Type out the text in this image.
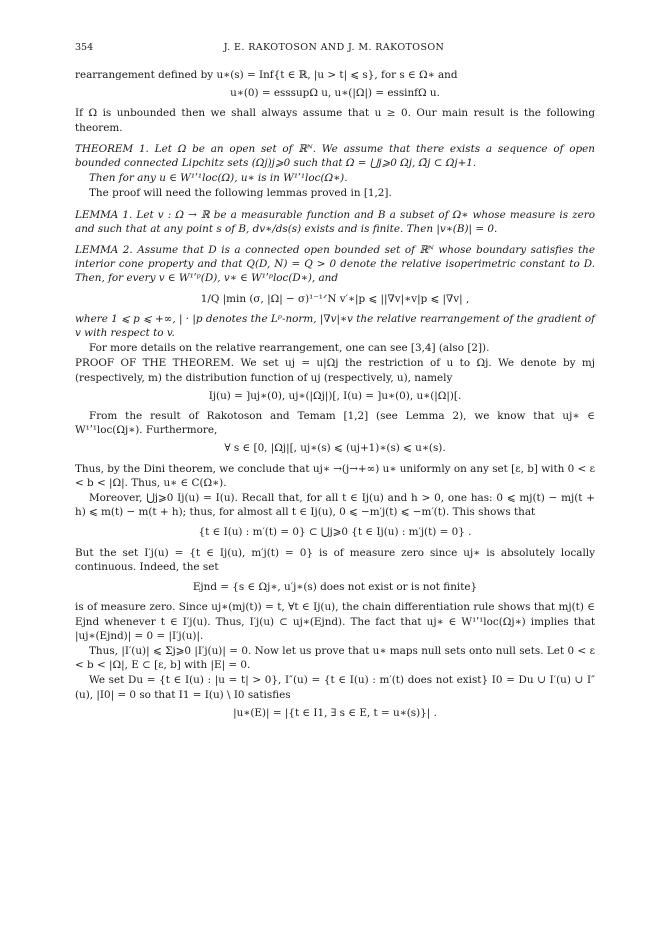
354	J. E. RAKOTOSON AND J. M. RAKOTOSON

rearrangement defined by u∗(s) = Inf{t ∈ ℝ, |u > t| ⩽ s}, for s ∈ Ω∗ and

u∗(0) = esssupΩ u, u∗(|Ω|) = essinfΩ u.

If Ω is unbounded then we shall always assume that u ≥ 0. Our main result is the following theorem.

THEOREM 1. Let Ω be an open set of ℝᴺ. We assume that there exists a sequence of open bounded connected Lipchitz sets (Ωj)j⩾0 such that Ω = ⋃j⩾0 Ωj, Ω̄j ⊂ Ωj+1.

Then for any u ∈ W¹ʹ¹loc(Ω), u∗ is in W¹ʹ¹loc(Ω∗).

The proof will need the following lemmas proved in [1,2].

LEMMA 1. Let v : Ω → ℝ be a measurable function and B a subset of Ω∗ whose measure is zero and such that at any point s of B, dv∗/ds(s) exists and is finite. Then |v∗(B)| = 0.

LEMMA 2. Assume that D is a connected open bounded set of ℝᴺ whose boundary satisfies the interior cone property and that Q(D, N) = Q > 0 denote the relative isoperimetric constant to D. Then, for every v ∈ W¹ʹᵖ(D), v∗ ∈ W¹ʹᵖloc(D∗), and

1/Q |min (σ, |Ω| − σ)¹⁻¹ᐟN v′∗|p ⩽ ||∇v|∗v|p ⩽ |∇v| ,

where 1 ⩽ p ⩽ +∞, | · |p denotes the Lᵖ-norm, |∇v|∗v the relative rearrangement of the gradient of v with respect to v.

For more details on the relative rearrangement, one can see [3,4] (also [2]).

PROOF OF THE THEOREM. We set uj = u|Ωj the restriction of u to Ωj. We denote by mj (respectively, m) the distribution function of uj (respectively, u), namely

Ij(u) = ]uj∗(0), uj∗(|Ωj|)[, I(u) = ]u∗(0), u∗(|Ω|)[.

From the result of Rakotoson and Temam [1,2] (see Lemma 2), we know that uj∗ ∈ W¹ʹ¹loc(Ωj∗). Furthermore,

∀ s ∈ [0, |Ωj|[, uj∗(s) ⩽ (uj+1)∗(s) ⩽ u∗(s).

Thus, by the Dini theorem, we conclude that uj∗ →(j→+∞) u∗ uniformly on any set [ε, b] with 0 < ε < b < |Ω|. Thus, u∗ ∈ C(Ω∗).

Moreover, ⋃j⩾0 Ij(u) = I(u). Recall that, for all t ∈ Ij(u) and h > 0, one has: 0 ⩽ mj(t) − mj(t + h) ⩽ m(t) − m(t + h); thus, for almost all t ∈ Ij(u), 0 ⩽ −m′j(t) ⩽ −m′(t). This shows that

{t ∈ I(u) : m′(t) = 0} ⊂ ⋃j⩾0 {t ∈ Ij(u) : m′j(t) = 0} .

But the set I′j(u) = {t ∈ Ij(u), m′j(t) = 0} is of measure zero since uj∗ is absolutely locally continuous. Indeed, the set

Ejnd = {s ∈ Ωj∗, u′j∗(s) does not exist or is not finite}

is of measure zero. Since uj∗(mj(t)) = t, ∀t ∈ Ij(u), the chain differentiation rule shows that mj(t) ∈ Ejnd whenever t ∈ I′j(u). Thus, I′j(u) ⊂ uj∗(Ejnd). The fact that uj∗ ∈ W¹ʹ¹loc(Ωj∗) implies that |uj∗(Ejnd)| = 0 = |I′j(u)|.

Thus, |I′(u)| ⩽ Σj⩾0 |I′j(u)| = 0. Now let us prove that u∗ maps null sets onto null sets. Let 0 < ε < b < |Ω|, E ⊂ [ε, b] with |E| = 0.

We set Du = {t ∈ I(u) : |u = t| > 0}, I″(u) = {t ∈ I(u) : m′(t) does not exist} I0 = Du ∪ I′(u) ∪ I″(u), |I0| = 0 so that I1 = I(u) \ I0 satisfies

|u∗(E)| = |{t ∈ I1, ∃ s ∈ E, t = u∗(s)}| .
